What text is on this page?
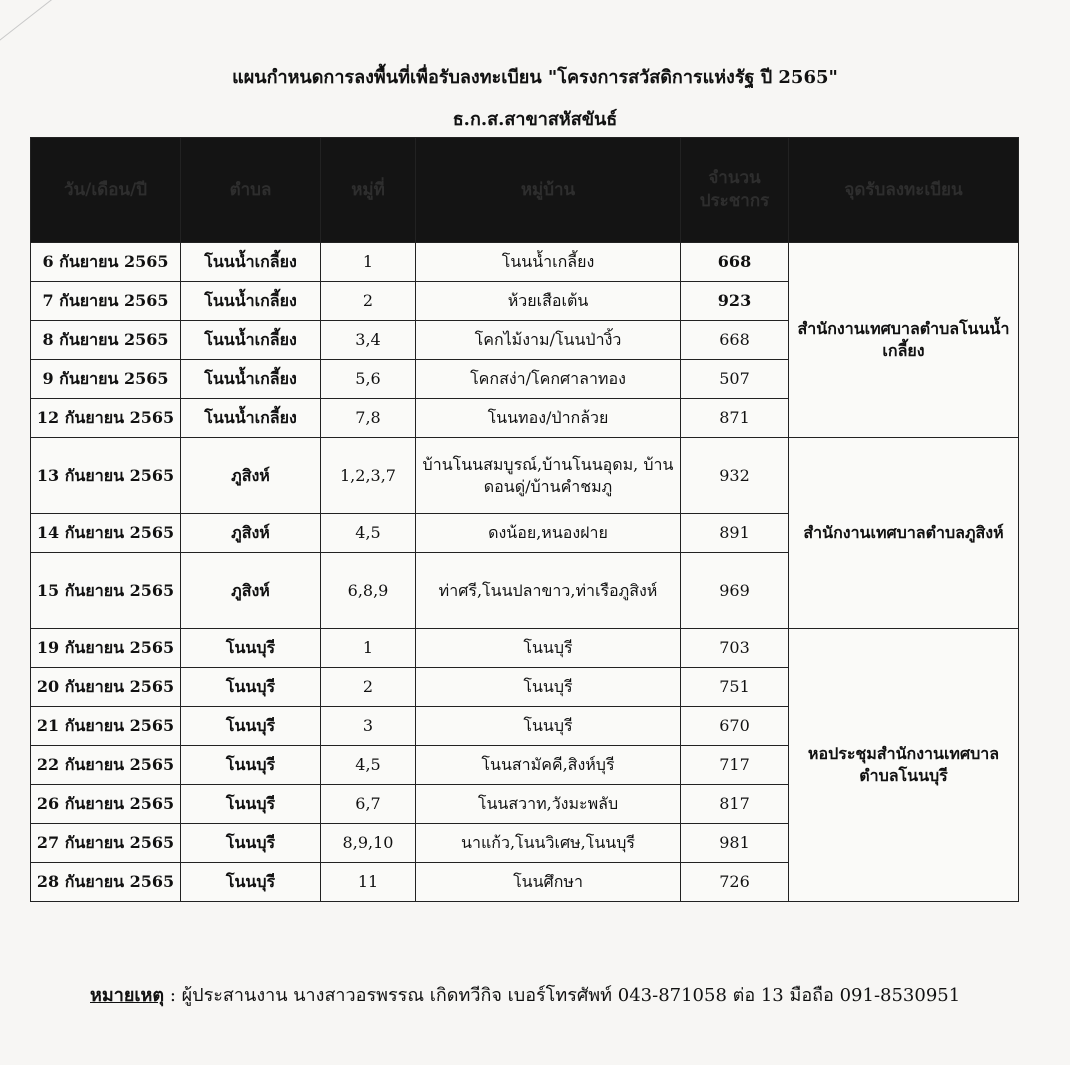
แผนกำหนดการลงพื้นที่เพื่อรับลงทะเบียน "โครงการสวัสดิการแห่งรัฐ ปี 2565"
ธ.ก.ส.สาขาสหัสขันธ์
วัน/เดือน/ปี	ตำบล	หมู่ที่	หมู่บ้าน	จำนวนประชากร	จุดรับลงทะเบียน
6 กันยายน 2565	โนนน้ำเกลี้ยง	1	โนนน้ำเกลี้ยง	668	สำนักงานเทศบาลตำบลโนนน้ำเกลี้ยง
7 กันยายน 2565	โนนน้ำเกลี้ยง	2	ห้วยเสือเต้น	923	
8 กันยายน 2565	โนนน้ำเกลี้ยง	3,4	โคกไม้งาม/โนนป่างิ้ว	668	
9 กันยายน 2565	โนนน้ำเกลี้ยง	5,6	โคกสง่า/โคกศาลาทอง	507	
12 กันยายน 2565	โนนน้ำเกลี้ยง	7,8	โนนทอง/ป่ากล้วย	871	
13 กันยายน 2565	ภูสิงห์	1,2,3,7	บ้านโนนสมบูรณ์,บ้านโนนอุดม, บ้านดอนดู่/บ้านคำชมภู	932	สำนักงานเทศบาลตำบลภูสิงห์
14 กันยายน 2565	ภูสิงห์	4,5	ดงน้อย,หนองฝาย	891	
15 กันยายน 2565	ภูสิงห์	6,8,9	ท่าศรี,โนนปลาขาว,ท่าเรือภูสิงห์	969	
19 กันยายน 2565	โนนบุรี	1	โนนบุรี	703	หอประชุมสำนักงานเทศบาลตำบลโนนบุรี
20 กันยายน 2565	โนนบุรี	2	โนนบุรี	751	
21 กันยายน 2565	โนนบุรี	3	โนนบุรี	670	
22 กันยายน 2565	โนนบุรี	4,5	โนนสามัคคี,สิงห์บุรี	717	
26 กันยายน 2565	โนนบุรี	6,7	โนนสวาท,วังมะพลับ	817	
27 กันยายน 2565	โนนบุรี	8,9,10	นาแก้ว,โนนวิเศษ,โนนบุรี	981	
28 กันยายน 2565	โนนบุรี	11	โนนศึกษา	726	
หมายเหตุ : ผู้ประสานงาน นางสาวอรพรรณ เกิดทวีกิจ เบอร์โทรศัพท์ 043-871058 ต่อ 13 มือถือ 091-8530951
